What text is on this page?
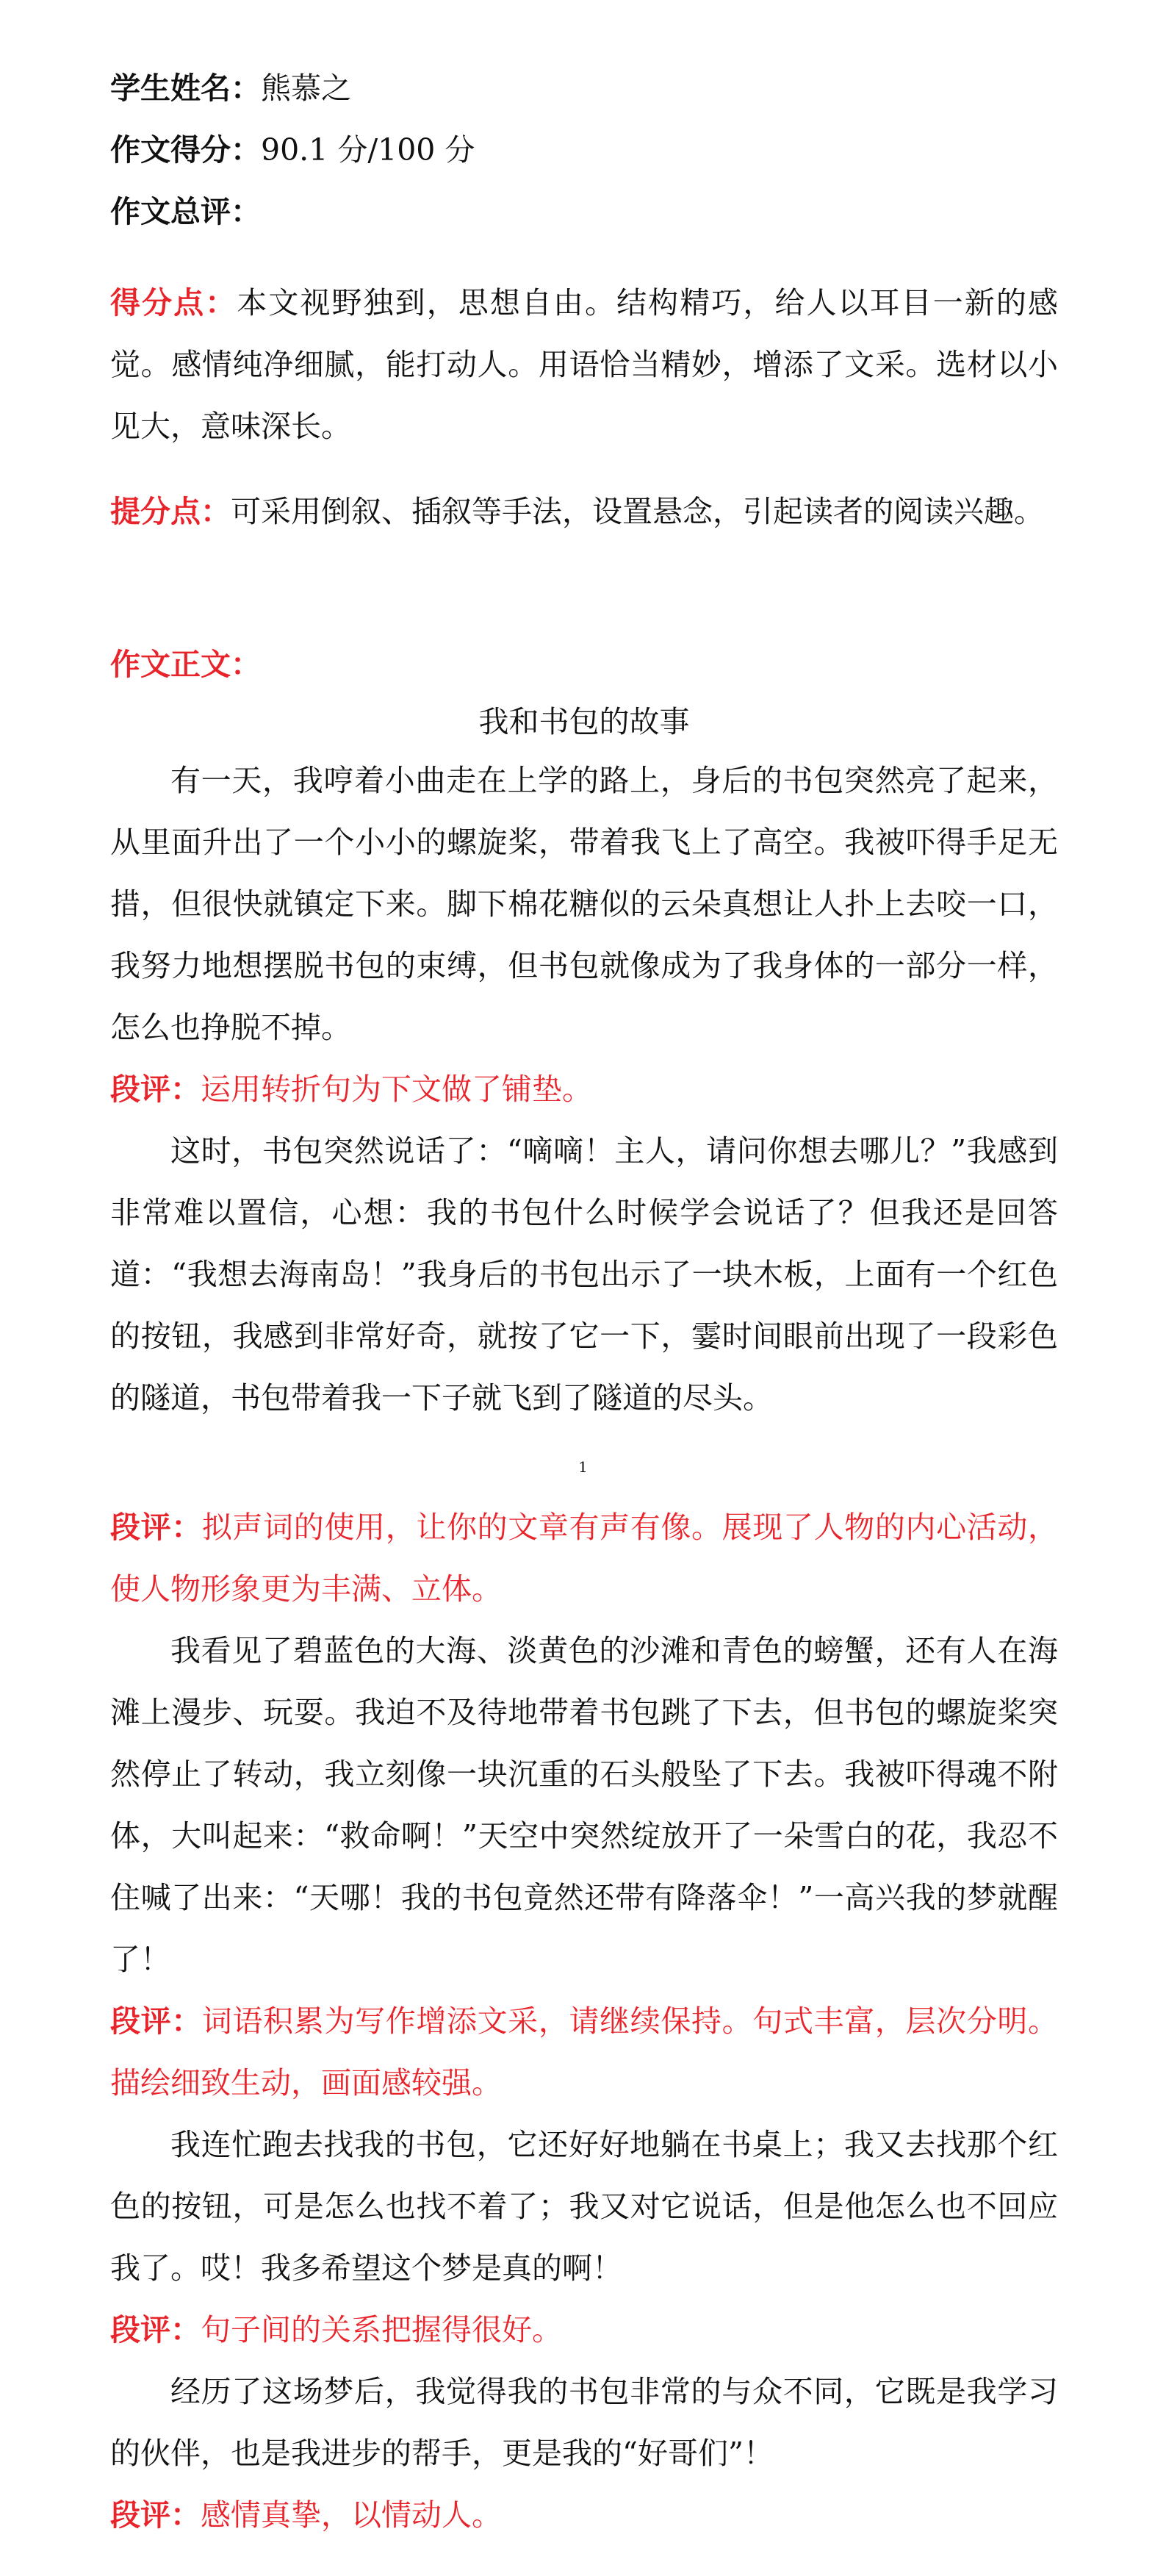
学生姓名：熊慕之
作文得分：90.1 分/100 分
作文总评：

得分点：本文视野独到，思想自由。结构精巧，给人以耳目一新的感觉。感情纯净细腻，能打动人。用语恰当精妙，增添了文采。选材以小见大，意味深长。

提分点：可采用倒叙、插叙等手法，设置悬念，引起读者的阅读兴趣。

作文正文：
我和书包的故事

有一天，我哼着小曲走在上学的路上，身后的书包突然亮了起来，从里面升出了一个小小的螺旋桨，带着我飞上了高空。我被吓得手足无措，但很快就镇定下来。脚下棉花糖似的云朵真想让人扑上去咬一口，我努力地想摆脱书包的束缚，但书包就像成为了我身体的一部分一样，怎么也挣脱不掉。

段评：运用转折句为下文做了铺垫。

这时，书包突然说话了：“嘀嘀！主人，请问你想去哪儿？”我感到非常难以置信，心想：我的书包什么时候学会说话了？但我还是回答道：“我想去海南岛！”我身后的书包出示了一块木板，上面有一个红色的按钮，我感到非常好奇，就按了它一下，霎时间眼前出现了一段彩色的隧道，书包带着我一下子就飞到了隧道的尽头。

1

段评：拟声词的使用，让你的文章有声有像。展现了人物的内心活动，使人物形象更为丰满、立体。

我看见了碧蓝色的大海、淡黄色的沙滩和青色的螃蟹，还有人在海滩上漫步、玩耍。我迫不及待地带着书包跳了下去，但书包的螺旋桨突然停止了转动，我立刻像一块沉重的石头般坠了下去。我被吓得魂不附体，大叫起来：“救命啊！”天空中突然绽放开了一朵雪白的花，我忍不住喊了出来：“天哪！我的书包竟然还带有降落伞！”一高兴我的梦就醒了！

段评：词语积累为写作增添文采，请继续保持。句式丰富，层次分明。描绘细致生动，画面感较强。

我连忙跑去找我的书包，它还好好地躺在书桌上；我又去找那个红色的按钮，可是怎么也找不着了；我又对它说话，但是他怎么也不回应我了。哎！我多希望这个梦是真的啊！

段评：句子间的关系把握得很好。

经历了这场梦后，我觉得我的书包非常的与众不同，它既是我学习的伙伴，也是我进步的帮手，更是我的“好哥们”！

段评：感情真挚，以情动人。
